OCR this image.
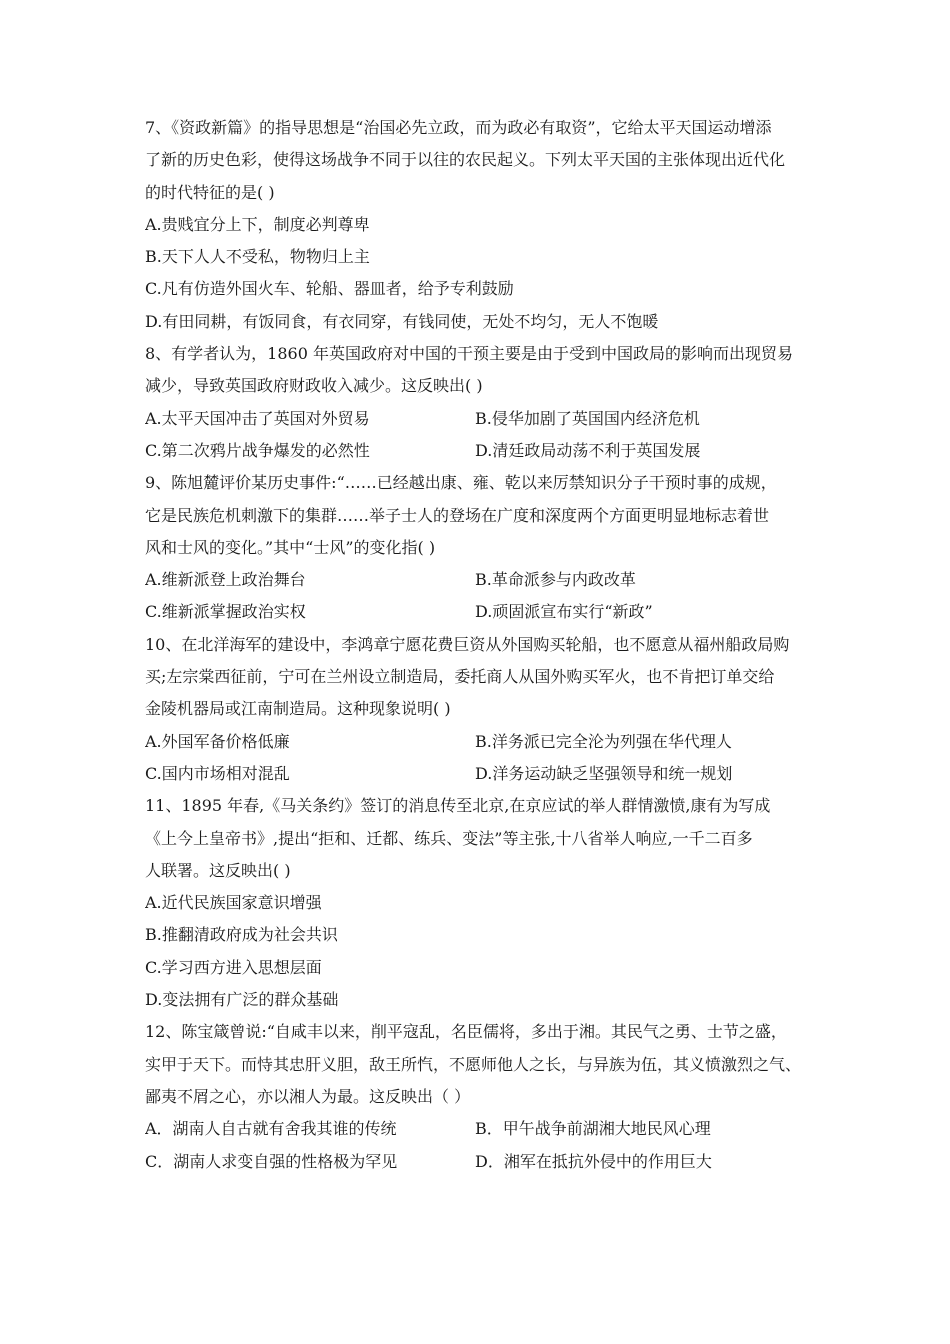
7、《资政新篇》的指导思想是“治国必先立政，而为政必有取资”，它给太平天国运动增添
了新的历史色彩，使得这场战争不同于以往的农民起义。下列太平天国的主张体现出近代化
的时代特征的是( )
A.贵贱宜分上下，制度必判尊卑
B.天下人人不受私，物物归上主
C.凡有仿造外国火车、轮船、器皿者，给予专利鼓励
D.有田同耕，有饭同食，有衣同穿，有钱同使，无处不均匀，无人不饱暖
8、有学者认为，1860 年英国政府对中国的干预主要是由于受到中国政局的影响而出现贸易
减少，导致英国政府财政收入减少。这反映出( )
A.太平天国冲击了英国对外贸易	B.侵华加剧了英国国内经济危机
C.第二次鸦片战争爆发的必然性	D.清廷政局动荡不利于英国发展
9、陈旭麓评价某历史事件:“……已经越出康、雍、乾以来厉禁知识分子干预时事的成规，
它是民族危机刺激下的集群……举子士人的登场在广度和深度两个方面更明显地标志着世
风和士风的变化。”其中“士风”的变化指( )
A.维新派登上政治舞台	B.革命派参与内政改革
C.维新派掌握政治实权	D.顽固派宣布实行“新政”
10、在北洋海军的建设中，李鸿章宁愿花费巨资从外国购买轮船，也不愿意从福州船政局购
买;左宗棠西征前，宁可在兰州设立制造局，委托商人从国外购买军火，也不肯把订单交给
金陵机器局或江南制造局。这种现象说明( )
A.外国军备价格低廉	B.洋务派已完全沦为列强在华代理人
C.国内市场相对混乱	D.洋务运动缺乏坚强领导和统一规划
11、1895 年春,《马关条约》签订的消息传至北京,在京应试的举人群情激愤,康有为写成
《上今上皇帝书》,提出“拒和、迁都、练兵、变法”等主张,十八省举人响应,一千二百多
人联署。这反映出( )
A.近代民族国家意识增强
B.推翻清政府成为社会共识
C.学习西方进入思想层面
D.变法拥有广泛的群众基础
12、陈宝箴曾说:“自咸丰以来，削平寇乱，名臣儒将，多出于湘。其民气之勇、士节之盛，
实甲于天下。而恃其忠肝义胆，敌王所忾，不愿师他人之长，与异族为伍，其义愤激烈之气、
鄙夷不屑之心，亦以湘人为最。这反映出（ ）
A．湖南人自古就有舍我其谁的传统	B．甲午战争前湖湘大地民风心理
C．湖南人求变自强的性格极为罕见	D．湘军在抵抗外侵中的作用巨大
